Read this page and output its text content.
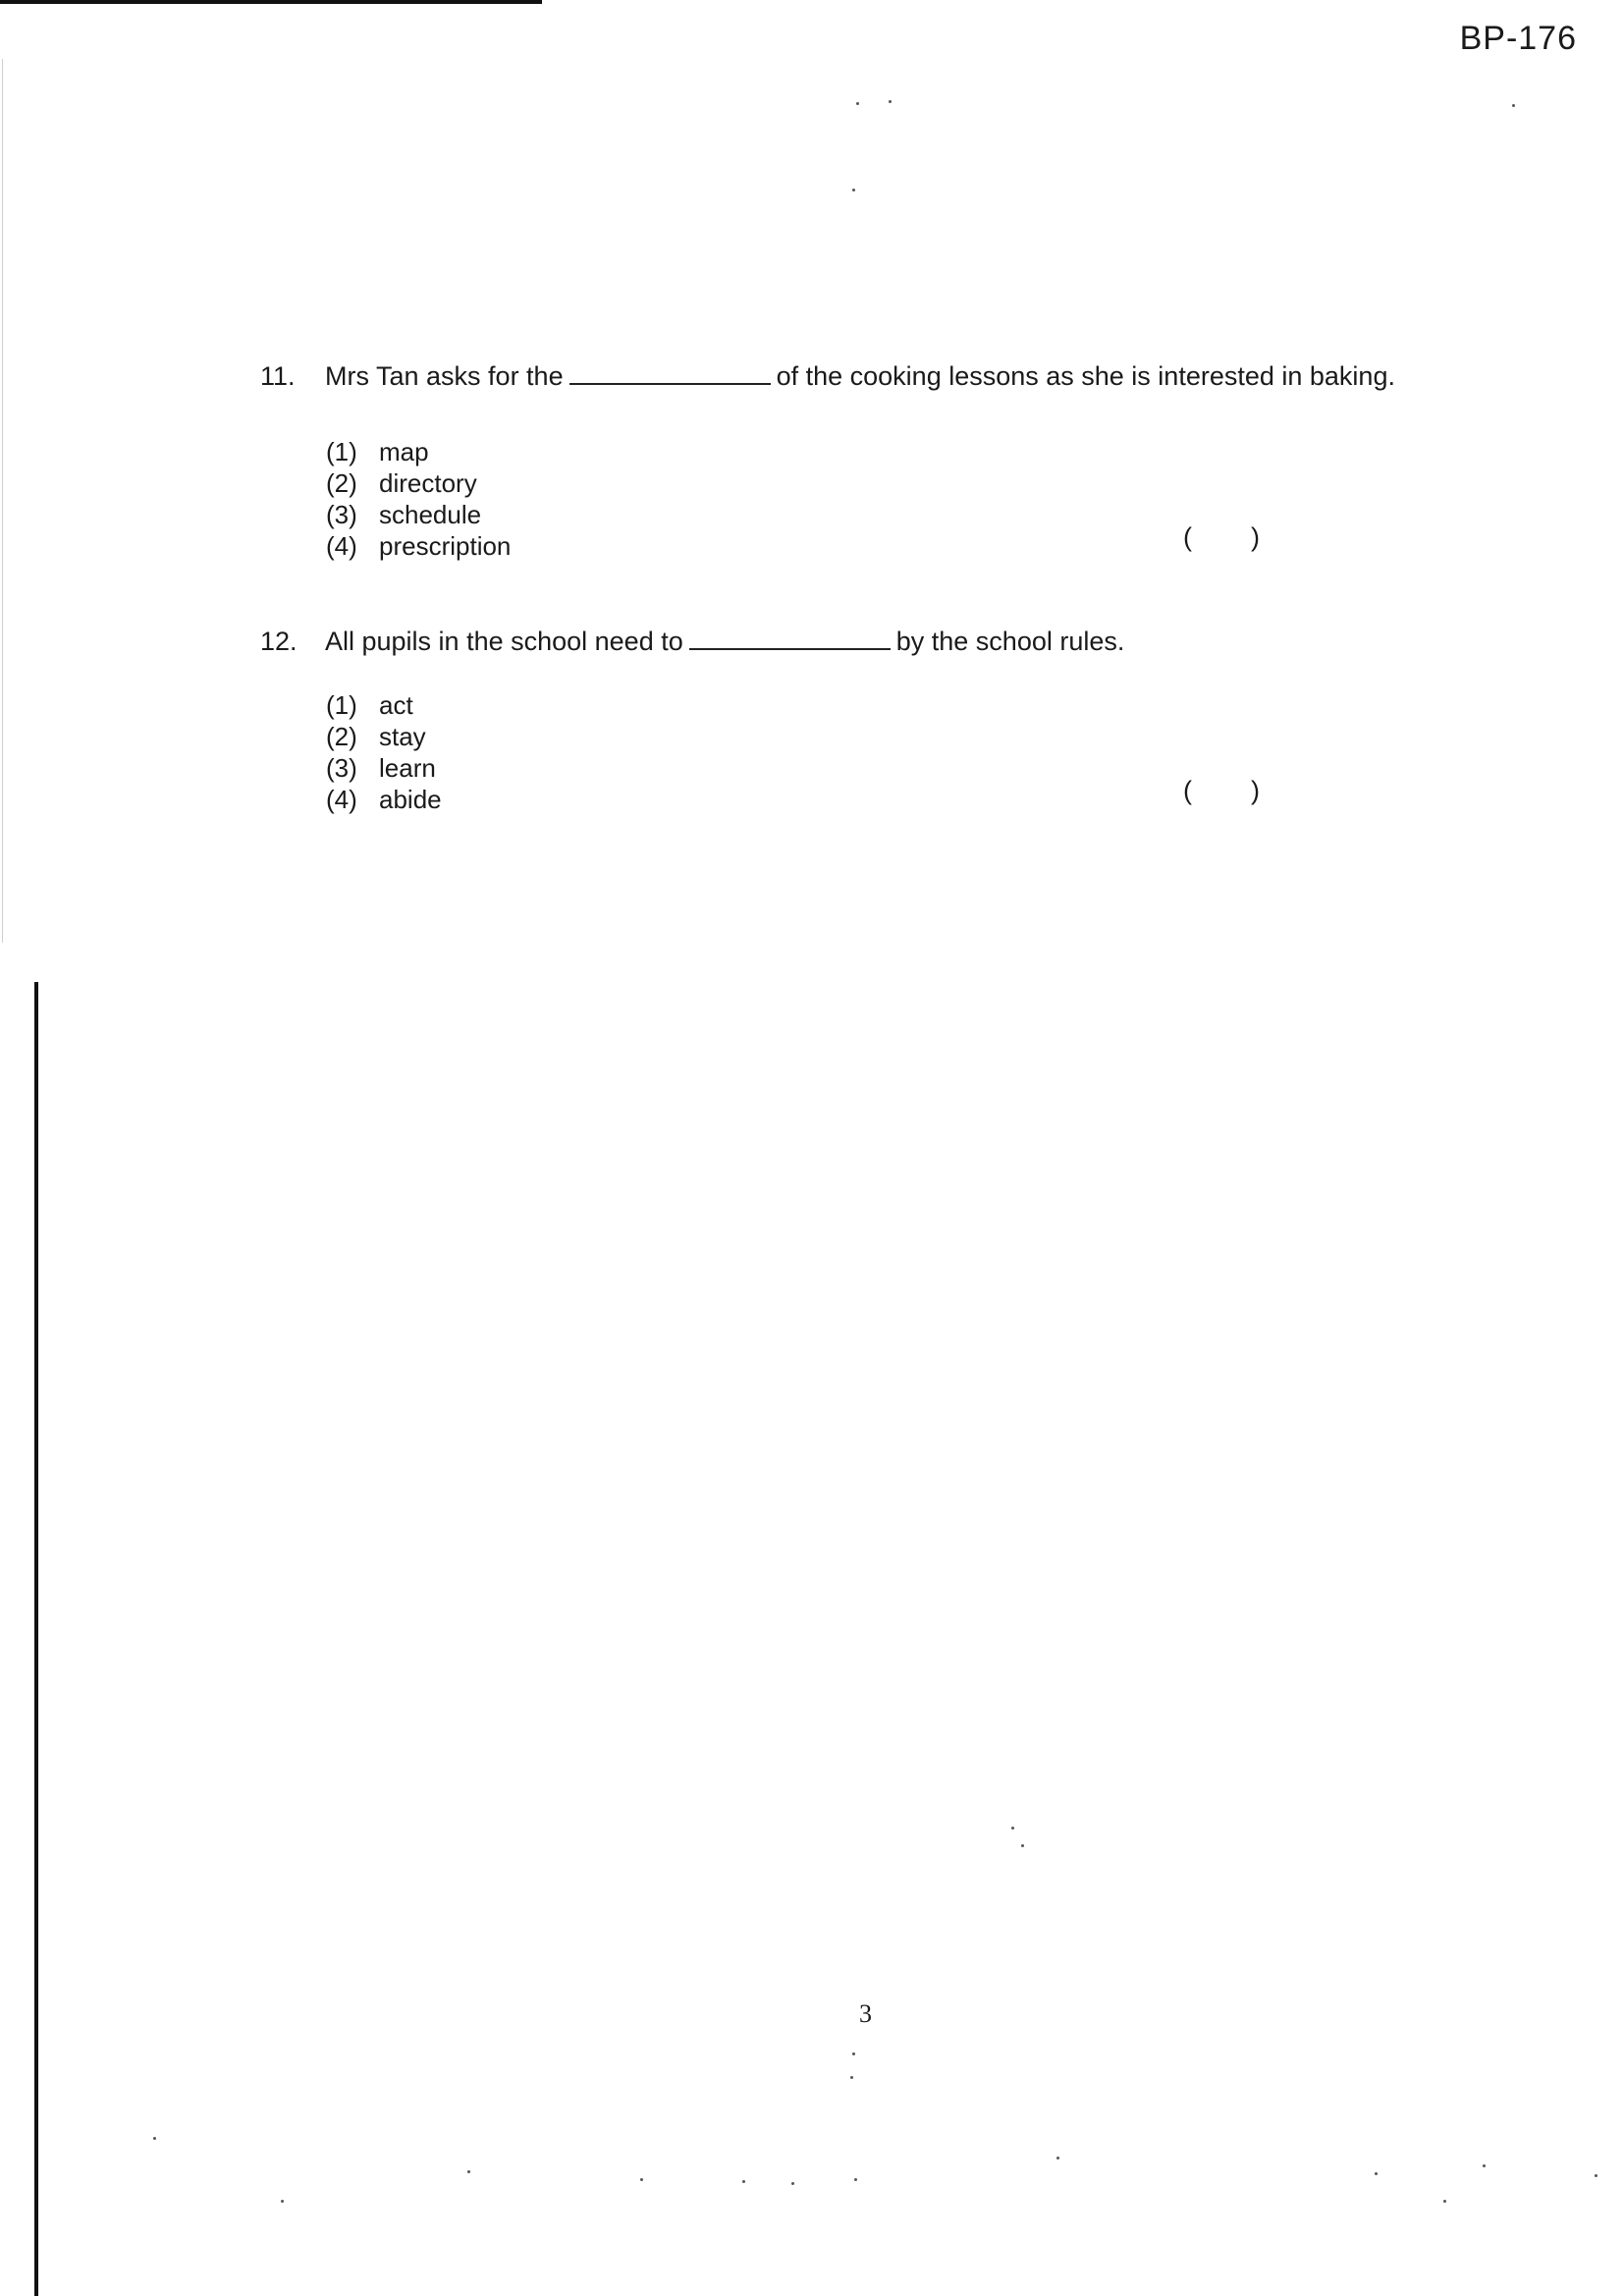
BP-176
11. Mrs Tan asks for the	of the cooking lessons as she is interested in baking.
(1) map
(2) directory
(3) schedule
(4) prescription	(        )
12. All pupils in the school need to	by the school rules.
(1) act
(2) stay
(3) learn
(4) abide	(        )
3
